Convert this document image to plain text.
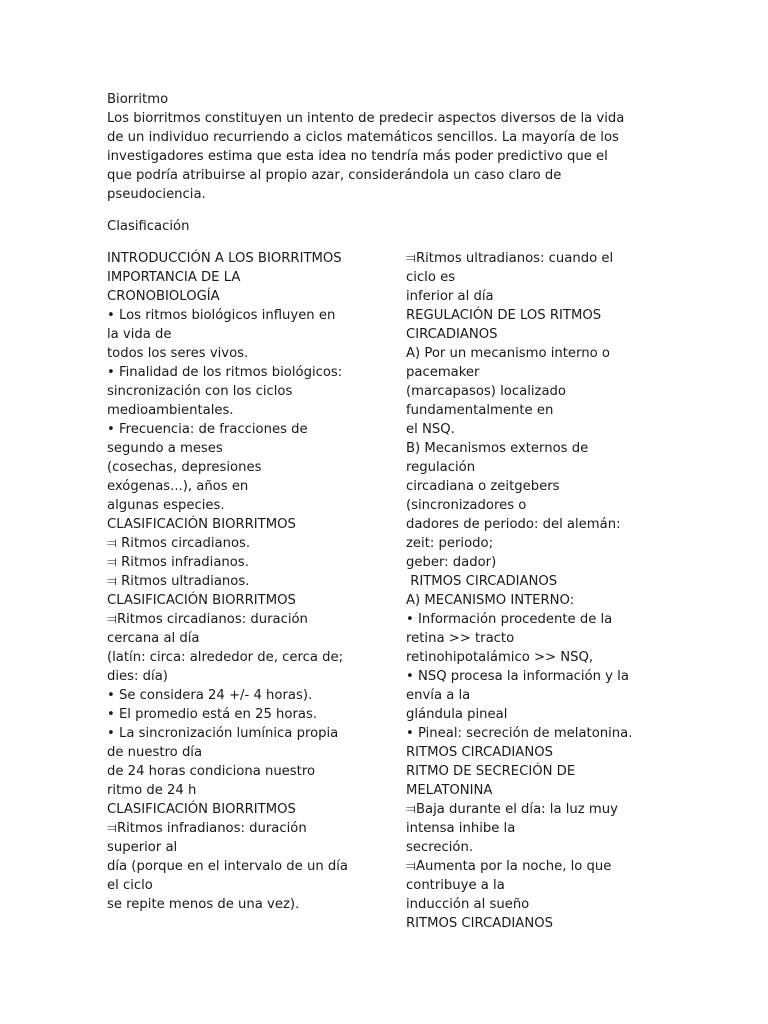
Biorritmo
Los biorritmos constituyen un intento de predecir aspectos diversos de la vida
de un individuo recurriendo a ciclos matemáticos sencillos. La mayoría de los
investigadores estima que esta idea no tendría más poder predictivo que el
que podría atribuirse al propio azar, considerándola un caso claro de
pseudociencia.
Clasificación
INTRODUCCIÓN A LOS BIORRITMOS
IMPORTANCIA DE LA
CRONOBIOLOGÍA
• Los ritmos biológicos influyen en
la vida de
todos los seres vivos.
• Finalidad de los ritmos biológicos:
sincronización con los ciclos
medioambientales.
• Frecuencia: de fracciones de
segundo a meses
(cosechas, depresiones
exógenas...), años en
algunas especies.
CLASIFICACIÓN BIORRITMOS
⫤ Ritmos circadianos.
⫤ Ritmos infradianos.
⫤ Ritmos ultradianos.
CLASIFICACIÓN BIORRITMOS
⫤Ritmos circadianos: duración
cercana al día
(latín: circa: alrededor de, cerca de;
dies: día)
• Se considera 24 +/- 4 horas).
• El promedio está en 25 horas.
• La sincronización lumínica propia
de nuestro día
de 24 horas condiciona nuestro
ritmo de 24 h
CLASIFICACIÓN BIORRITMOS
⫤Ritmos infradianos: duración
superior al
día (porque en el intervalo de un día
el ciclo
se repite menos de una vez).
⫤Ritmos ultradianos: cuando el
ciclo es
inferior al día
REGULACIÓN DE LOS RITMOS
CIRCADIANOS
A) Por un mecanismo interno o
pacemaker
(marcapasos) localizado
fundamentalmente en
el NSQ.
B) Mecanismos externos de
regulación
circadiana o zeitgebers
(sincronizadores o
dadores de periodo: del alemán:
zeit: periodo;
geber: dador)
RITMOS CIRCADIANOS
A) MECANISMO INTERNO:
• Información procedente de la
retina >> tracto
retinohipotalámico >> NSQ,
• NSQ procesa la información y la
envía a la
glándula pineal
• Pineal: secreción de melatonina.
RITMOS CIRCADIANOS
RITMO DE SECRECIÓN DE
MELATONINA
⫤Baja durante el día: la luz muy
intensa inhibe la
secreción.
⫤Aumenta por la noche, lo que
contribuye a la
inducción al sueño
RITMOS CIRCADIANOS
